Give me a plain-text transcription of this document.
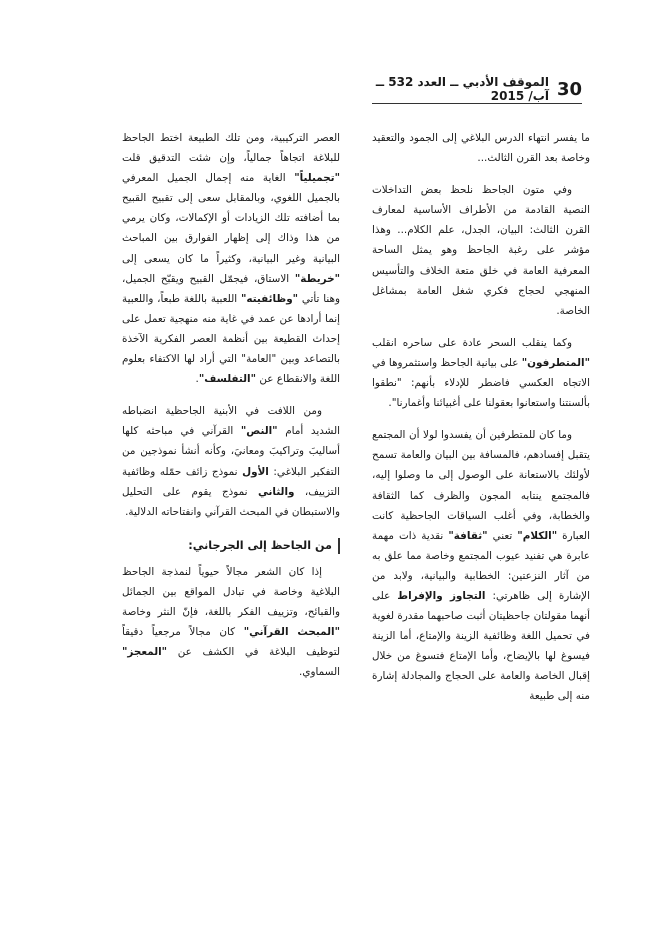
30
الموقف الأدبي ــ العدد 532 ــ آب/ 2015

ما يفسر انتهاء الدرس البلاغي إلى الجمود والتعقيد وخاصة بعد القرن الثالث...

وفي متون الجاحظ نلحظ بعض التداخلات النصية القادمة من الأطراف الأساسية لمعارف القرن الثالث: البيان، الجدل، علم الكلام... وهذا مؤشر على رغبة الجاحظ وهو يمثل الساحة المعرفية العامة في خلق متعة الخلاف والتأسيس المنهجي لحجاج فكري شغل العامة بمشاغل الخاصة.

وكما ينقلب السحر عادة على ساحره انقلب "المتطرفون" على بيانية الجاحظ واستثمروها في الاتجاه العكسي فاضطر للإدلاء بأنهم: "نطقوا بألسنتنا واستعانوا بعقولنا على أغبيائنا وأغمارنا".

وما كان للمتطرفين أن يفسدوا لولا أن المجتمع يتقبل إفسادهم، فالمسافة بين البيان والعامة تسمح لأولئك بالاستعانة على الوصول إلى ما وصلوا إليه، فالمجتمع ينتابه المجون والظرف كما الثقافة والخطابة، وفي أغلب السياقات الجاحظية كانت العبارة "الكلام" تعني "ثقافة" نقدية ذات مهمة عابرة هي تفنيد عيوب المجتمع وخاصة مما علق به من آثار النزعتين: الخطابية والبيانية، ولابد من الإشارة إلى ظاهرتي: التجاوز والإفراط على أنهما مقولتان جاحظيتان أثبت صاحبهما مقدرة لغوية في تحميل اللغة وظائفية الزينة والإمتاع، أما الزينة فيسوغ لها بالإيضاح، وأما الإمتاع فتسوغ من خلال إقبال الخاصة والعامة على الحجاج والمجادلة إشارة منه إلى طبيعة

العصر التركيبية، ومن تلك الطبيعة اختط الجاحظ للبلاغة اتجاهاً جمالياً، وإن شئت التدقيق قلت "تجميلياً" الغاية منه إجمال الجميل المعرفي بالجميل اللغوي، وبالمقابل سعى إلى تقبيح القبيح بما أضافته تلك الزيادات أو الإكمالات، وكان يرمي من هذا وذاك إلى إظهار الفوارق بين المباحث البيانية وغير البيانية، وكثيراً ما كان يسعى إلى "خريطة" الاستاق، فيجمّل القبيح ويقبّح الجميل، وهنا تأتي "وظائفيته" اللعبية باللغة طبعاً، واللعبية إنما أرادها عن عمد في غاية منه منهجية تعمل على إحداث القطيعة بين أنظمة العصر الفكرية الآخذة بالتصاعد وبين "العامة" التي أراد لها الاكتفاء بعلوم اللغة والانقطاع عن "التفلسف".

ومن اللافت في الأبنية الجاحظية انضباطه الشديد أمام "النص" القرآني في مباحثه كلها أساليبَ وتراكيبَ ومعانيَ، وكأنه أنشأ نموذجين من التفكير البلاغي: الأول نموذج زائف حمّله وظائفية التزييف، والثاني نموذج يقوم على التحليل والاستبطان في المبحث القرآني وانفتاحاته الدلالية.

من الجاحظ إلى الجرجاني:

إذا كان الشعر مجالاً حيوياً لنمذجة الجاحظ البلاغية وخاصة في تبادل المواقع بين الجمائل والقبائح، وتزييف الفكر باللغة، فإنّ النثر وخاصة "المبحث القرآني" كان مجالاً مرجعياً دقيقاً لتوظيف البلاغة في الكشف عن "المعجز" السماوي.
